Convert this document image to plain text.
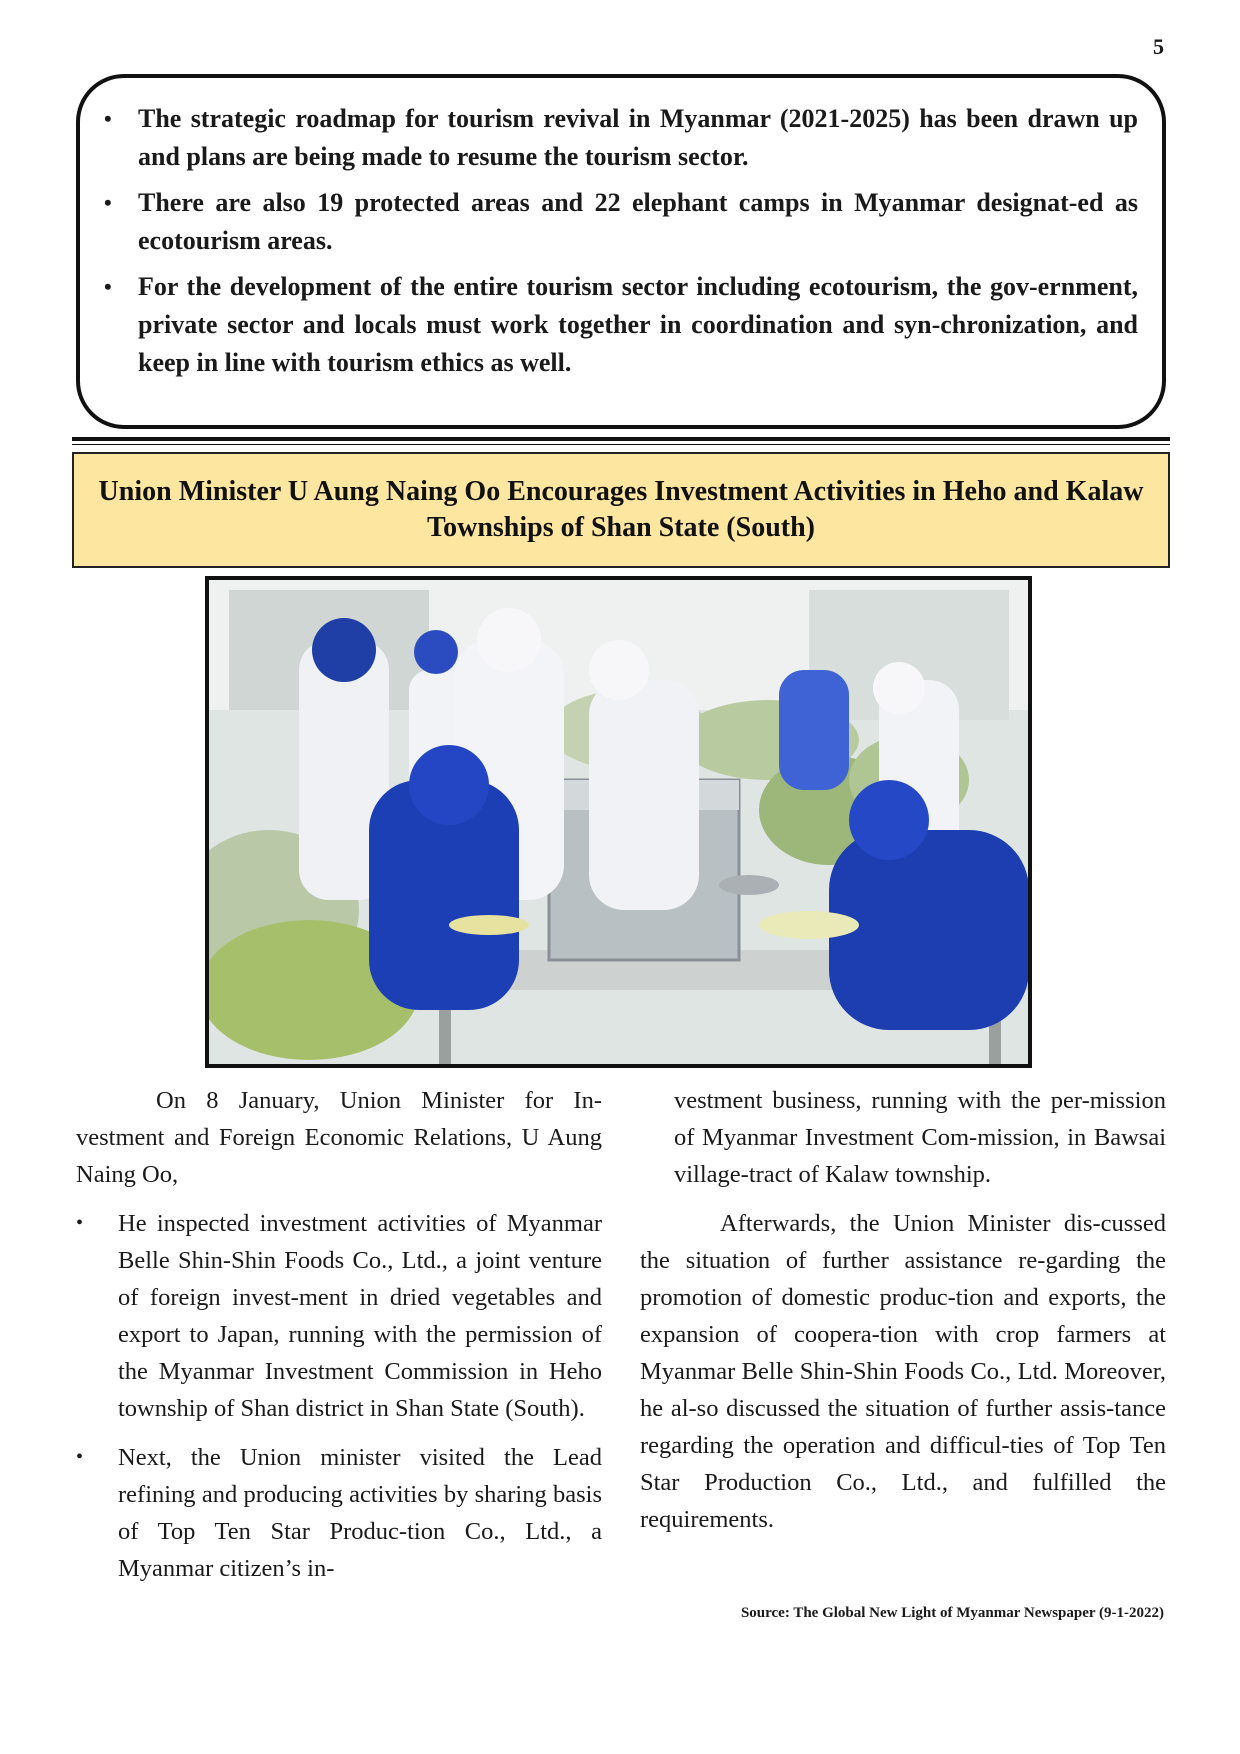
5
• The strategic roadmap for tourism revival in Myanmar (2021-2025) has been drawn up and plans are being made to resume the tourism sector.
• There are also 19 protected areas and 22 elephant camps in Myanmar designat-ed as ecotourism areas.
• For the development of the entire tourism sector including ecotourism, the gov-ernment, private sector and locals must work together in coordination and syn-chronization, and keep in line with tourism ethics as well.
Union Minister U Aung Naing Oo Encourages Investment Activities in Heho and Kalaw Townships of Shan State (South)

On 8 January, Union Minister for In-vestment and Foreign Economic Relations, U Aung Naing Oo,

• He inspected investment activities of Myanmar Belle Shin-Shin Foods Co., Ltd., a joint venture of foreign invest-ment in dried vegetables and export to Japan, running with the permission of the Myanmar Investment Commission in Heho township of Shan district in Shan State (South).
• Next, the Union minister visited the Lead refining and producing activities by sharing basis of Top Ten Star Produc-tion Co., Ltd., a Myanmar citizen’s in-

vestment business, running with the per-mission of Myanmar Investment Com-mission, in Bawsai village-tract of Kalaw township.

Afterwards, the Union Minister dis-cussed the situation of further assistance re-garding the promotion of domestic produc-tion and exports, the expansion of coopera-tion with crop farmers at Myanmar Belle Shin-Shin Foods Co., Ltd. Moreover, he al-so discussed the situation of further assis-tance regarding the operation and difficul-ties of Top Ten Star Production Co., Ltd., and fulfilled the requirements.

Source: The Global New Light of Myanmar Newspaper (9-1-2022)
